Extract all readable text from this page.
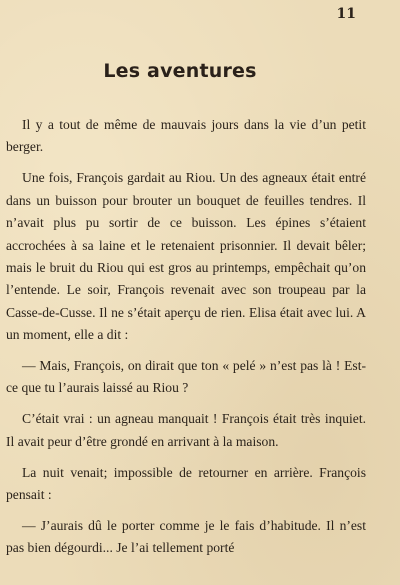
11
Les aventures

Il y a tout de même de mauvais jours dans la vie d’un petit berger.

Une fois, François gardait au Riou. Un des agneaux était entré dans un buisson pour brouter un bouquet de feuilles tendres. Il n’avait plus pu sortir de ce buisson. Les épines s’étaient accrochées à sa laine et le retenaient prisonnier. Il devait bêler; mais le bruit du Riou qui est gros au printemps, empêchait qu’on l’entende. Le soir, François revenait avec son troupeau par la Casse-de-Cusse. Il ne s’était aperçu de rien. Elisa était avec lui. A un moment, elle a dit :

— Mais, François, on dirait que ton « pelé » n’est pas là ! Est-ce que tu l’aurais laissé au Riou ?

C’était vrai : un agneau manquait ! François était très inquiet. Il avait peur d’être grondé en arrivant à la maison.

La nuit venait; impossible de retourner en arrière. François pensait :

— J’aurais dû le porter comme je le fais d’habitude. Il n’est pas bien dégourdi... Je l’ai tellement porté
